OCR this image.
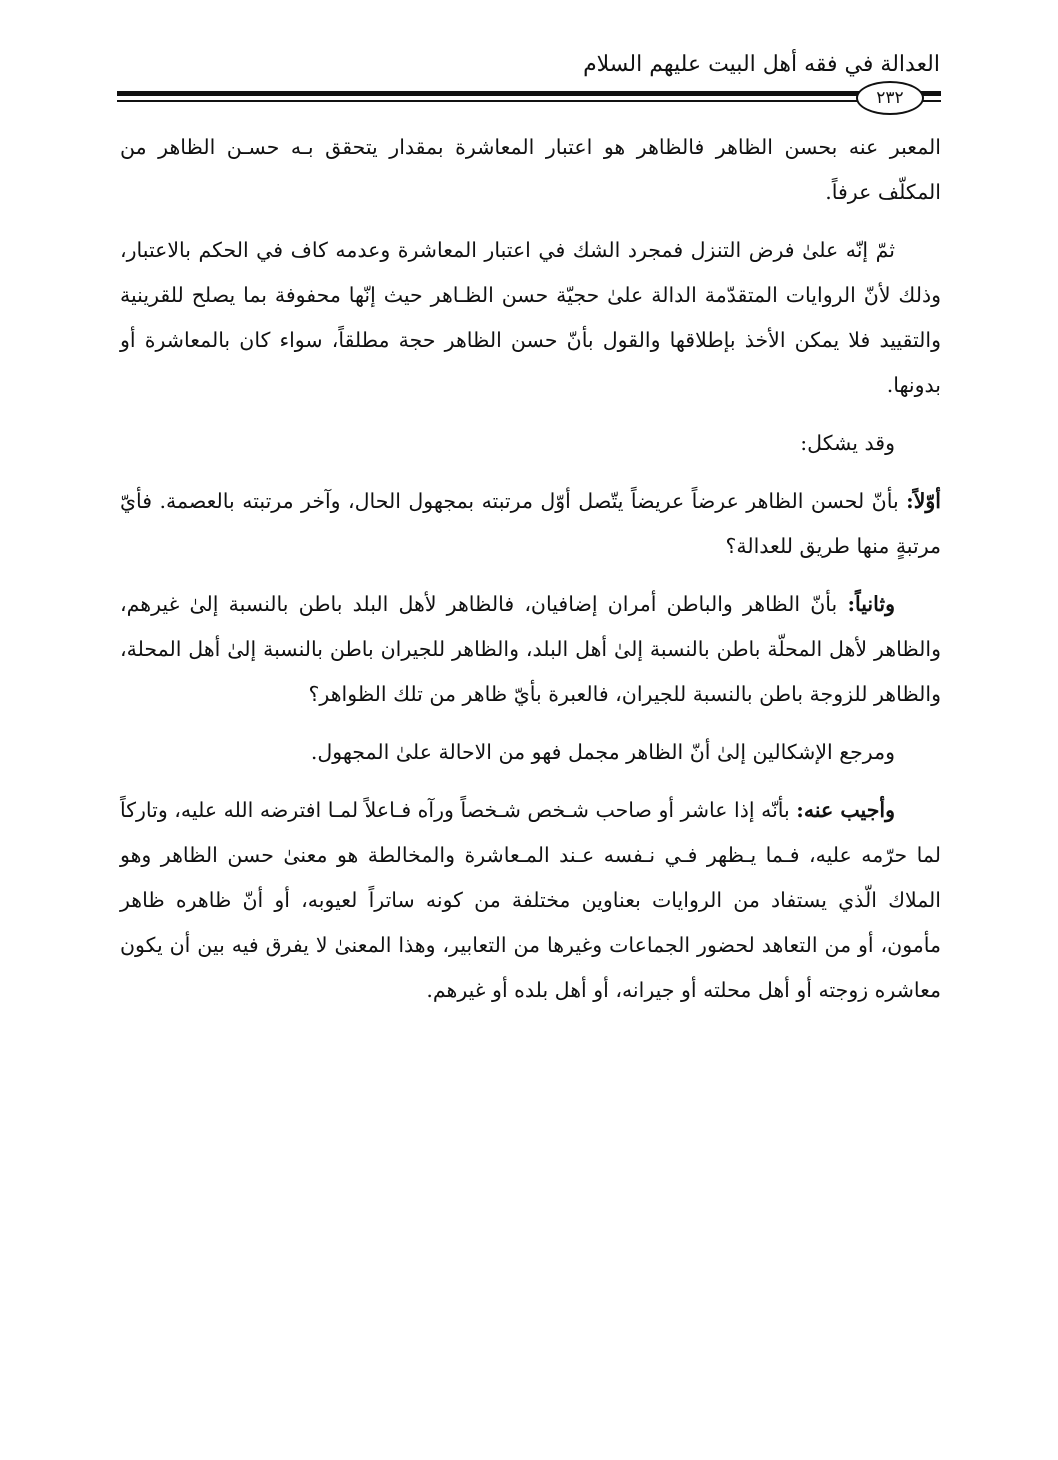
العدالة في فقه أهل البيت عليهم السلام
٢٣٢

المعبر عنه بحسن الظاهر فالظاهر هو اعتبار المعاشرة بمقدار يتحقق بـه حسـن الظاهر من المكلّف عرفاً.

ثمّ إنّه علىٰ فرض التنزل فمجرد الشك في اعتبار المعاشرة وعدمه كاف في الحكم بالاعتبار، وذلك لأنّ الروايات المتقدّمة الدالة علىٰ حجيّة حسن الظـاهر حيث إنّها محفوفة بما يصلح للقرينية والتقييد فلا يمكن الأخذ بإطلاقها والقول بأنّ حسن الظاهر حجة مطلقاً، سواء كان بالمعاشرة أو بدونها.

وقد يشكل:

أوّلاً: بأنّ لحسن الظاهر عرضاً عريضاً يتّصل أوّل مرتبته بمجهول الحال، وآخر مرتبته بالعصمة. فأيّ مرتبةٍ منها طريق للعدالة؟

وثانياً: بأنّ الظاهر والباطن أمران إضافيان، فالظاهر لأهل البلد باطن بالنسبة إلىٰ غيرهم، والظاهر لأهل المحلّة باطن بالنسبة إلىٰ أهل البلد، والظاهر للجيران باطن بالنسبة إلىٰ أهل المحلة، والظاهر للزوجة باطن بالنسبة للجيران، فالعبرة بأيّ ظاهر من تلك الظواهر؟

ومرجع الإشكالين إلىٰ أنّ الظاهر مجمل فهو من الاحالة علىٰ المجهول.

وأجيب عنه: بأنّه إذا عاشر أو صاحب شـخص شـخصاً ورآه فـاعلاً لمـا افترضه الله عليه، وتاركاً لما حرّمه عليه، فـما يـظهر فـي نـفسه عـند المـعاشرة والمخالطة هو معنىٰ حسن الظاهر وهو الملاك الّذي يستفاد من الروايات بعناوين مختلفة من كونه ساتراً لعيوبه، أو أنّ ظاهره ظاهر مأمون، أو من التعاهد لحضور الجماعات وغيرها من التعابير، وهذا المعنىٰ لا يفرق فيه بين أن يكون معاشره زوجته أو أهل محلته أو جيرانه، أو أهل بلده أو غيرهم.
